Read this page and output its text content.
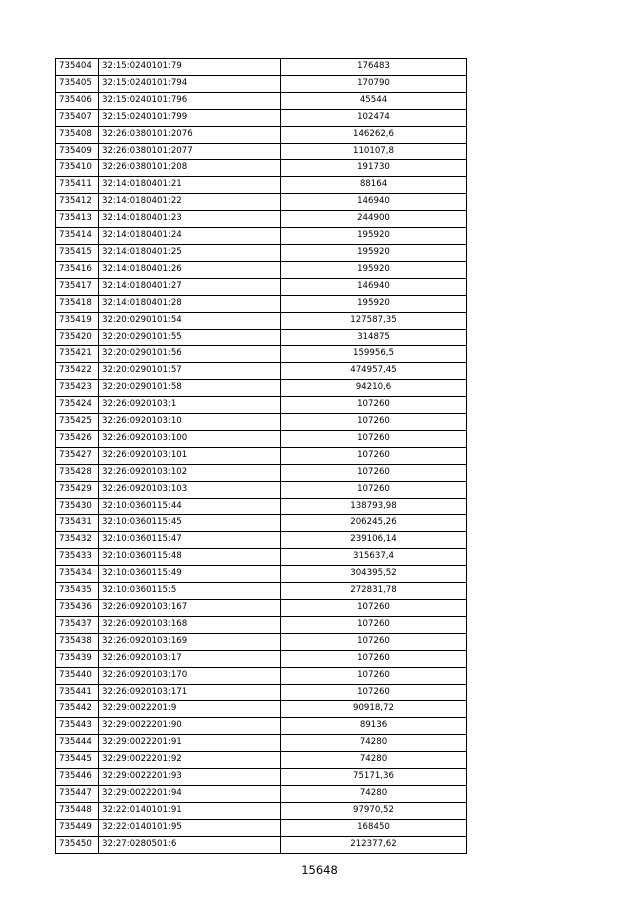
735404	32:15:0240101:79	176483
735405	32:15:0240101:794	170790
735406	32:15:0240101:796	45544
735407	32:15:0240101:799	102474
735408	32:26:0380101:2076	146262,6
735409	32:26:0380101:2077	110107,8
735410	32:26:0380101:208	191730
735411	32:14:0180401:21	88164
735412	32:14:0180401:22	146940
735413	32:14:0180401:23	244900
735414	32:14:0180401:24	195920
735415	32:14:0180401:25	195920
735416	32:14:0180401:26	195920
735417	32:14:0180401:27	146940
735418	32:14:0180401:28	195920
735419	32:20:0290101:54	127587,35
735420	32:20:0290101:55	314875
735421	32:20:0290101:56	159956,5
735422	32:20:0290101:57	474957,45
735423	32:20:0290101:58	94210,6
735424	32:26:0920103:1	107260
735425	32:26:0920103:10	107260
735426	32:26:0920103:100	107260
735427	32:26:0920103:101	107260
735428	32:26:0920103:102	107260
735429	32:26:0920103:103	107260
735430	32:10:0360115:44	138793,98
735431	32:10:0360115:45	206245,26
735432	32:10:0360115:47	239106,14
735433	32:10:0360115:48	315637,4
735434	32:10:0360115:49	304395,52
735435	32:10:0360115:5	272831,78
735436	32:26:0920103:167	107260
735437	32:26:0920103:168	107260
735438	32:26:0920103:169	107260
735439	32:26:0920103:17	107260
735440	32:26:0920103:170	107260
735441	32:26:0920103:171	107260
735442	32:29:0022201:9	90918,72
735443	32:29:0022201:90	89136
735444	32:29:0022201:91	74280
735445	32:29:0022201:92	74280
735446	32:29:0022201:93	75171,36
735447	32:29:0022201:94	74280
735448	32:22:0140101:91	97970,52
735449	32:22:0140101:95	168450
735450	32:27:0280501:6	212377,62
15648
